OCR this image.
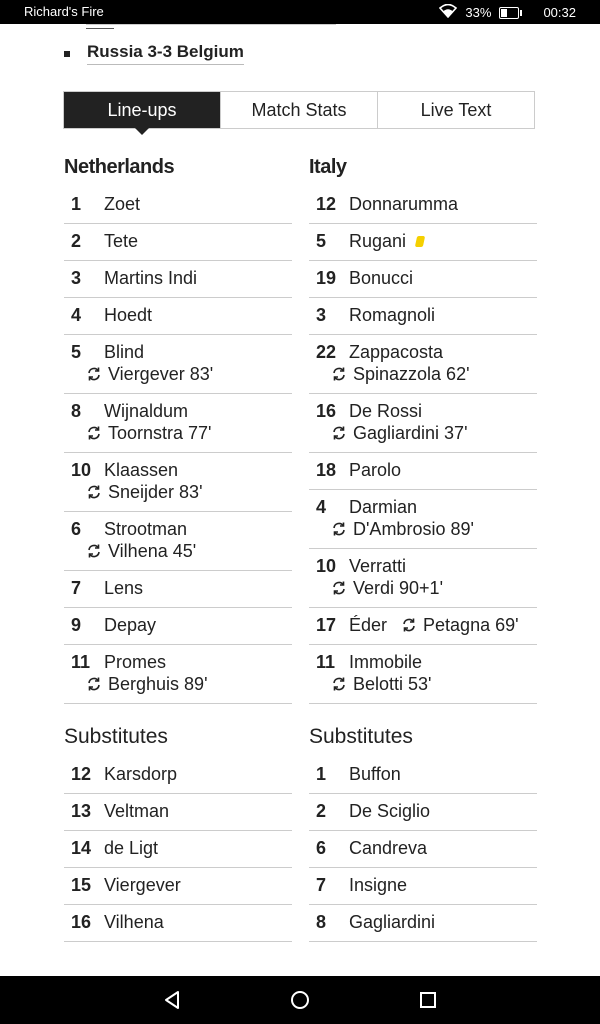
Richard's Fire	33%	00:32
Russia 3-3 Belgium
Line-ups	Match Stats	Live Text
Netherlands
1	Zoet
2	Tete
3	Martins Indi
4	Hoedt
5	Blind
Viergever 83'
8	Wijnaldum
Toornstra 77'
10 Klaassen
Sneijder 83'
6	Strootman
Vilhena 45'
7	Lens
9	Depay
11 Promes
Berghuis 89'
Substitutes
12 Karsdorp
13 Veltman
14 de Ligt
15 Viergever
16 Vilhena
Italy
12 Donnarumma
5	Rugani
19 Bonucci
3	Romagnoli
22 Zappacosta
Spinazzola 62'
16 De Rossi
Gagliardini 37'
18 Parolo
4	Darmian
D'Ambrosio 89'
10 Verratti
Verdi 90+1'
17 Éder Petagna 69'
11 Immobile
Belotti 53'
Substitutes
1	Buffon
2	De Sciglio
6	Candreva
7	Insigne
8	Gagliardini
